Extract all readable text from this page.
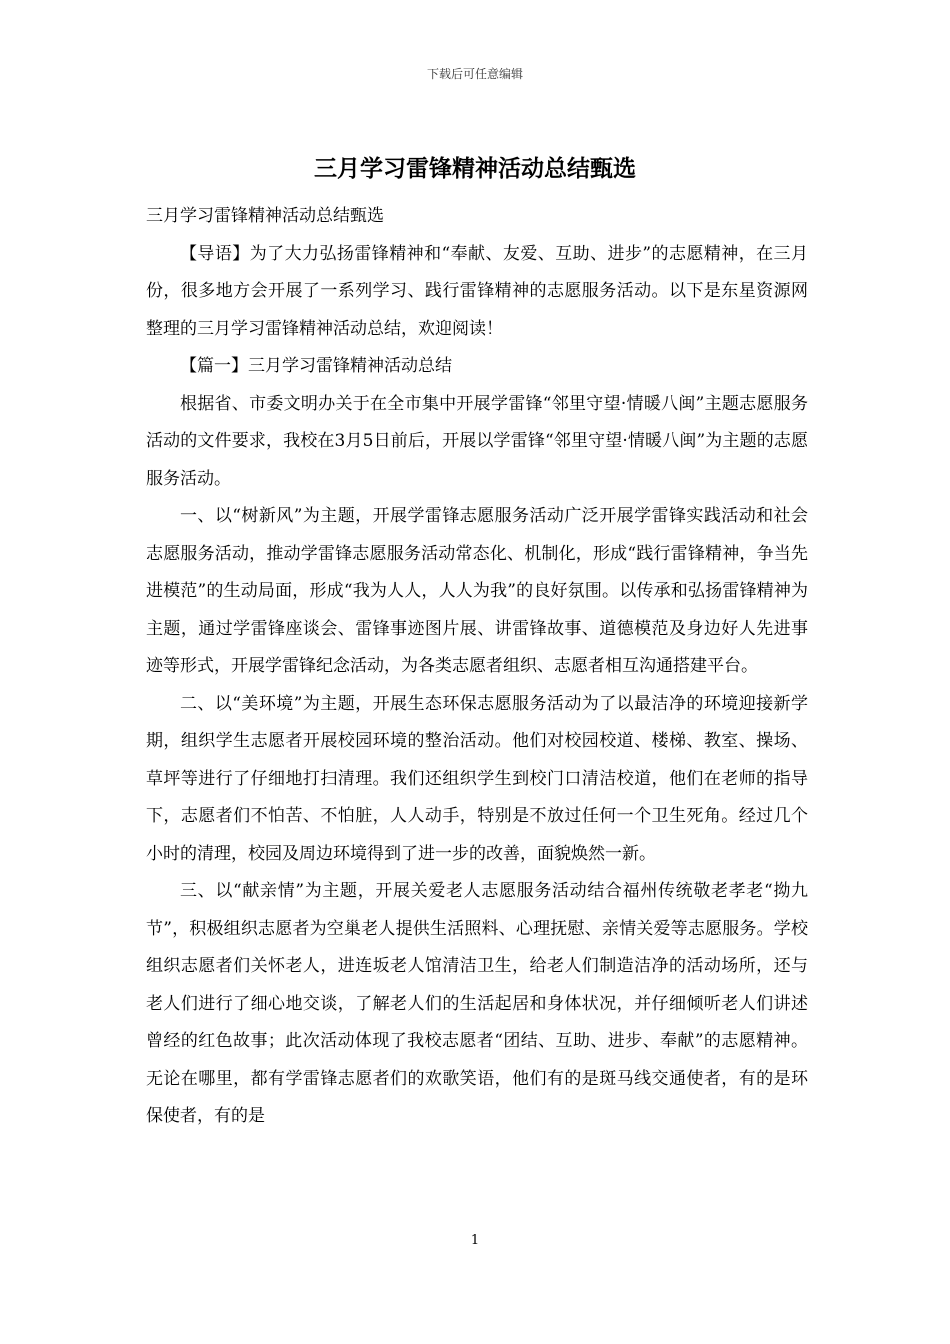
下载后可任意编辑
三月学习雷锋精神活动总结甄选

三月学习雷锋精神活动总结甄选

【导语】为了大力弘扬雷锋精神和“奉献、友爱、互助、进步”的志愿精神，在三月份，很多地方会开展了一系列学习、践行雷锋精神的志愿服务活动。以下是东星资源网整理的三月学习雷锋精神活动总结，欢迎阅读！

【篇一】三月学习雷锋精神活动总结

根据省、市委文明办关于在全市集中开展学雷锋“邻里守望·情暖八闽”主题志愿服务活动的文件要求，我校在3月5日前后，开展以学雷锋“邻里守望·情暖八闽”为主题的志愿服务活动。

一、以“树新风”为主题，开展学雷锋志愿服务活动广泛开展学雷锋实践活动和社会志愿服务活动，推动学雷锋志愿服务活动常态化、机制化，形成“践行雷锋精神，争当先进模范”的生动局面，形成“我为人人，人人为我”的良好氛围。以传承和弘扬雷锋精神为主题，通过学雷锋座谈会、雷锋事迹图片展、讲雷锋故事、道德模范及身边好人先进事迹等形式，开展学雷锋纪念活动，为各类志愿者组织、志愿者相互沟通搭建平台。

二、以“美环境”为主题，开展生态环保志愿服务活动为了以最洁净的环境迎接新学期，组织学生志愿者开展校园环境的整治活动。他们对校园校道、楼梯、教室、操场、草坪等进行了仔细地打扫清理。我们还组织学生到校门口清洁校道，他们在老师的指导下，志愿者们不怕苦、不怕脏，人人动手，特别是不放过任何一个卫生死角。经过几个小时的清理，校园及周边环境得到了进一步的改善，面貌焕然一新。

三、以“献亲情”为主题，开展关爱老人志愿服务活动结合福州传统敬老孝老“拗九节”，积极组织志愿者为空巢老人提供生活照料、心理抚慰、亲情关爱等志愿服务。学校组织志愿者们关怀老人，进连坂老人馆清洁卫生，给老人们制造洁净的活动场所，还与老人们进行了细心地交谈，了解老人们的生活起居和身体状况，并仔细倾听老人们讲述曾经的红色故事；此次活动体现了我校志愿者“团结、互助、进步、奉献”的志愿精神。无论在哪里，都有学雷锋志愿者们的欢歌笑语，他们有的是斑马线交通使者，有的是环保使者，有的是

1
